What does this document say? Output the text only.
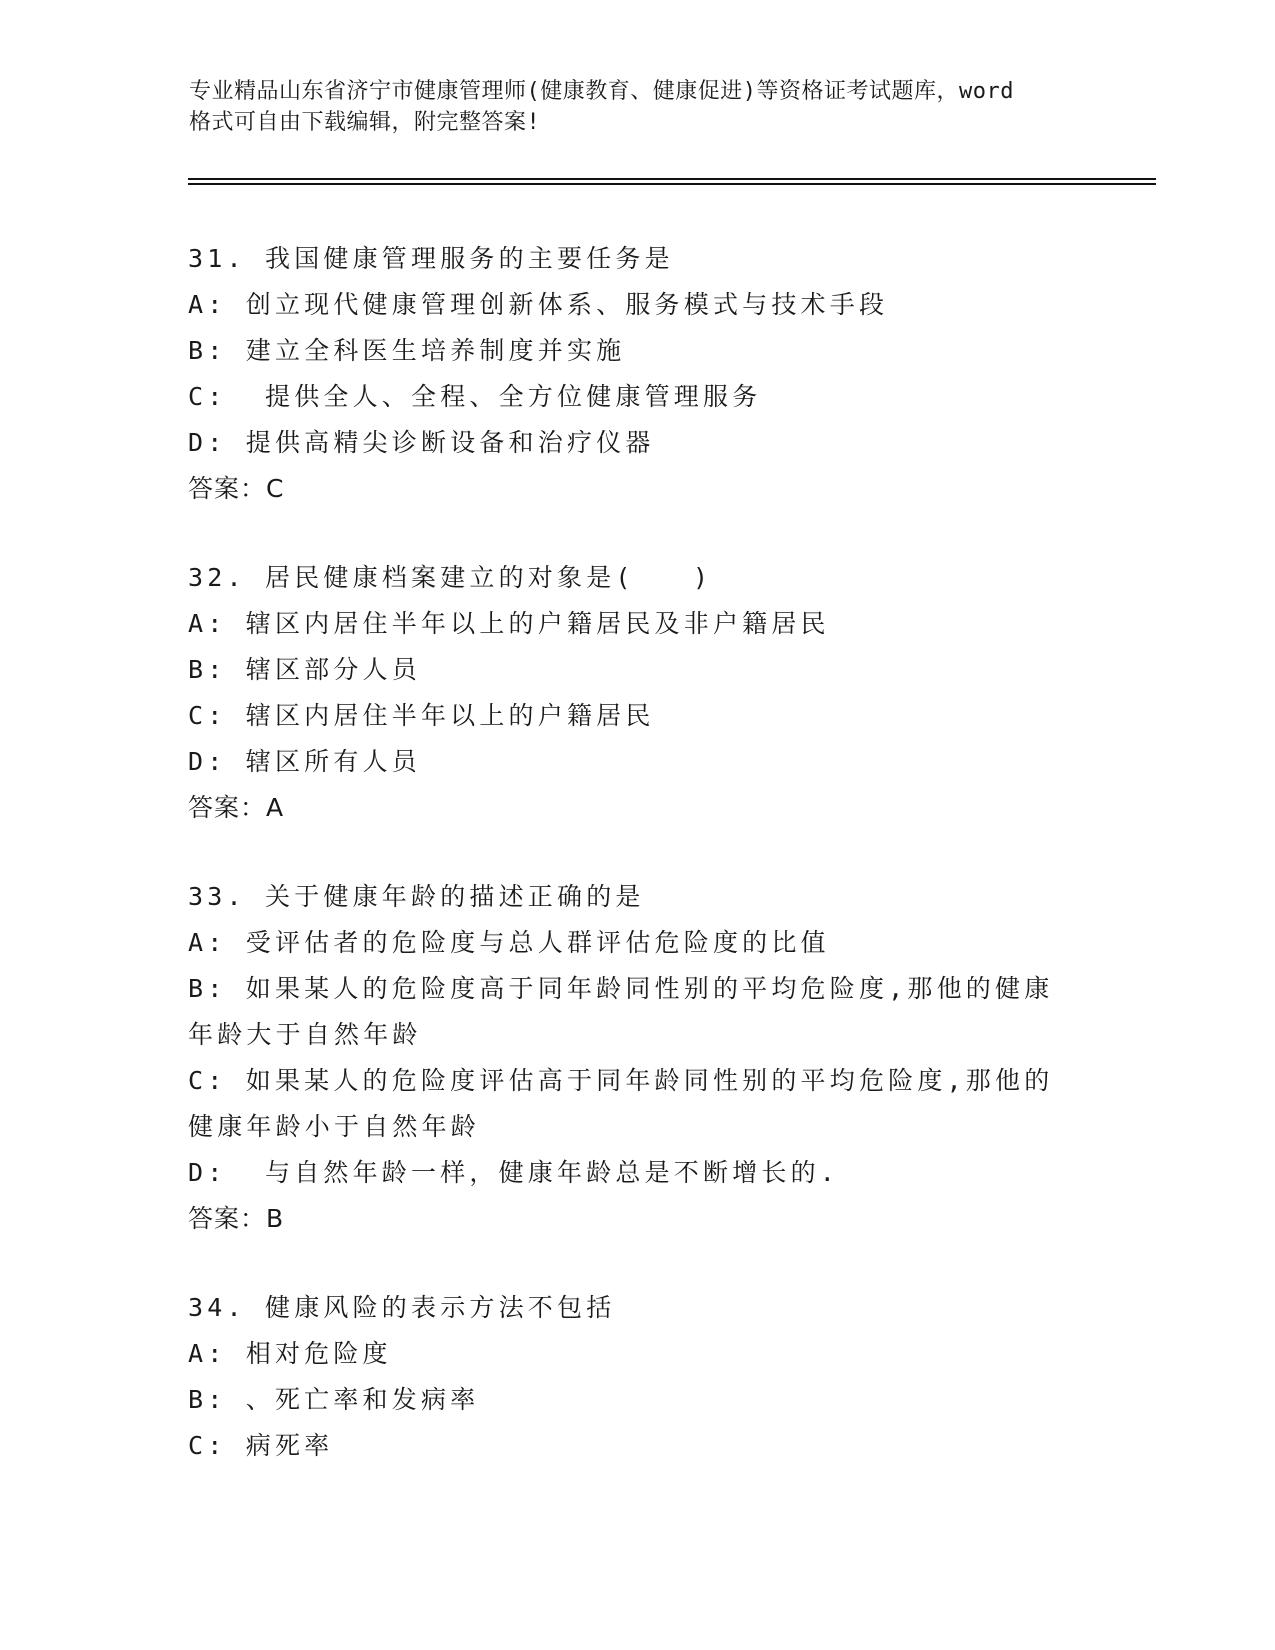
专业精品山东省济宁市健康管理师(健康教育、健康促进)等资格证考试题库，word
格式可自由下载编辑，附完整答案!
31. 我国健康管理服务的主要任务是
A: 创立现代健康管理创新体系、服务模式与技术手段
B: 建立全科医生培养制度并实施
C:  提供全人、全程、全方位健康管理服务
D: 提供高精尖诊断设备和治疗仪器
答案：C
32. 居民健康档案建立的对象是(　　)
A: 辖区内居住半年以上的户籍居民及非户籍居民
B: 辖区部分人员
C: 辖区内居住半年以上的户籍居民
D: 辖区所有人员
答案：A
33. 关于健康年龄的描述正确的是
A: 受评估者的危险度与总人群评估危险度的比值
B: 如果某人的危险度高于同年龄同性别的平均危险度,那他的健康年龄大于自然年龄
C: 如果某人的危险度评估高于同年龄同性别的平均危险度,那他的健康年龄小于自然年龄
D:  与自然年龄一样，健康年龄总是不断增长的.
答案：B
34. 健康风险的表示方法不包括
A: 相对危险度
B: 、死亡率和发病率
C: 病死率
